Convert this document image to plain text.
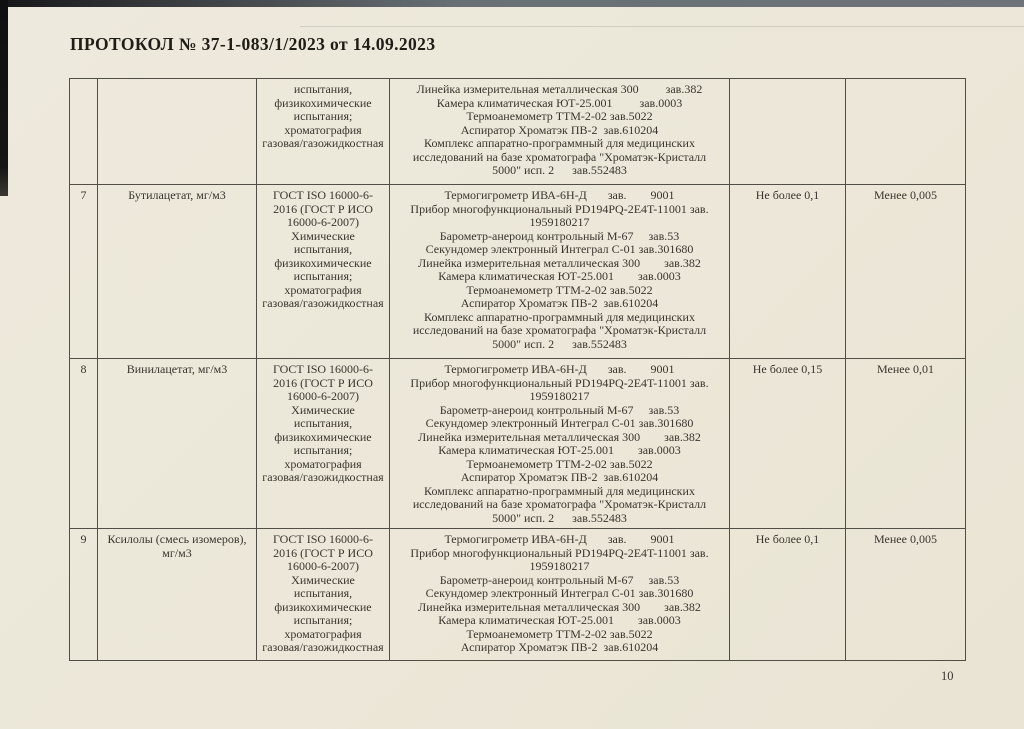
ПРОТОКОЛ № 37-1-083/1/2023 от 14.09.2023
		испытания,
физикохимические
испытания;
хроматография
газовая/газожидкостная	Линейка измерительная металлическая 300         зав.382
Камера климатическая ЮТ-25.001         зав.0003
Термоанемометр ТТМ-2-02 зав.5022
Аспиратор Хроматэк ПВ-2  зав.610204
Комплекс аппаратно-программный для медицинских
исследований на базе хроматографа "Хроматэк-Кристалл
5000" исп. 2      зав.552483		
7	Бутилацетат, мг/м3	ГОСТ ISO 16000-6-
2016 (ГОСТ Р ИСО
16000-6-2007)
Химические
испытания,
физикохимические
испытания;
хроматография
газовая/газожидкостная	Термогигрометр ИВА-6Н-Д       зав.        9001
Прибор многофункциональный PD194PQ-2E4T-11001 зав.
1959180217
Барометр-анероид контрольный М-67     зав.53
Секундомер электронный Интеграл С-01 зав.301680
Линейка измерительная металлическая 300        зав.382
Камера климатическая ЮТ-25.001        зав.0003
Термоанемометр ТТМ-2-02 зав.5022
Аспиратор Хроматэк ПВ-2  зав.610204
Комплекс аппаратно-программный для медицинских
исследований на базе хроматографа "Хроматэк-Кристалл
5000" исп. 2      зав.552483	Не более 0,1	Менее 0,005
8	Винилацетат, мг/м3	ГОСТ ISO 16000-6-
2016 (ГОСТ Р ИСО
16000-6-2007)
Химические
испытания,
физикохимические
испытания;
хроматография
газовая/газожидкостная	Термогигрометр ИВА-6Н-Д       зав.        9001
Прибор многофункциональный PD194PQ-2E4T-11001 зав.
1959180217
Барометр-анероид контрольный М-67     зав.53
Секундомер электронный Интеграл С-01 зав.301680
Линейка измерительная металлическая 300        зав.382
Камера климатическая ЮТ-25.001        зав.0003
Термоанемометр ТТМ-2-02 зав.5022
Аспиратор Хроматэк ПВ-2  зав.610204
Комплекс аппаратно-программный для медицинских
исследований на базе хроматографа "Хроматэк-Кристалл
5000" исп. 2      зав.552483	Не более 0,15	Менее 0,01
9	Ксилолы (смесь изомеров),
мг/м3	ГОСТ ISO 16000-6-
2016 (ГОСТ Р ИСО
16000-6-2007)
Химические
испытания,
физикохимические
испытания;
хроматография
газовая/газожидкостная	Термогигрометр ИВА-6Н-Д       зав.        9001
Прибор многофункциональный PD194PQ-2E4T-11001 зав.
1959180217
Барометр-анероид контрольный М-67     зав.53
Секундомер электронный Интеграл С-01 зав.301680
Линейка измерительная металлическая 300        зав.382
Камера климатическая ЮТ-25.001        зав.0003
Термоанемометр ТТМ-2-02 зав.5022
Аспиратор Хроматэк ПВ-2  зав.610204	Не более 0,1	Менее 0,005
10
